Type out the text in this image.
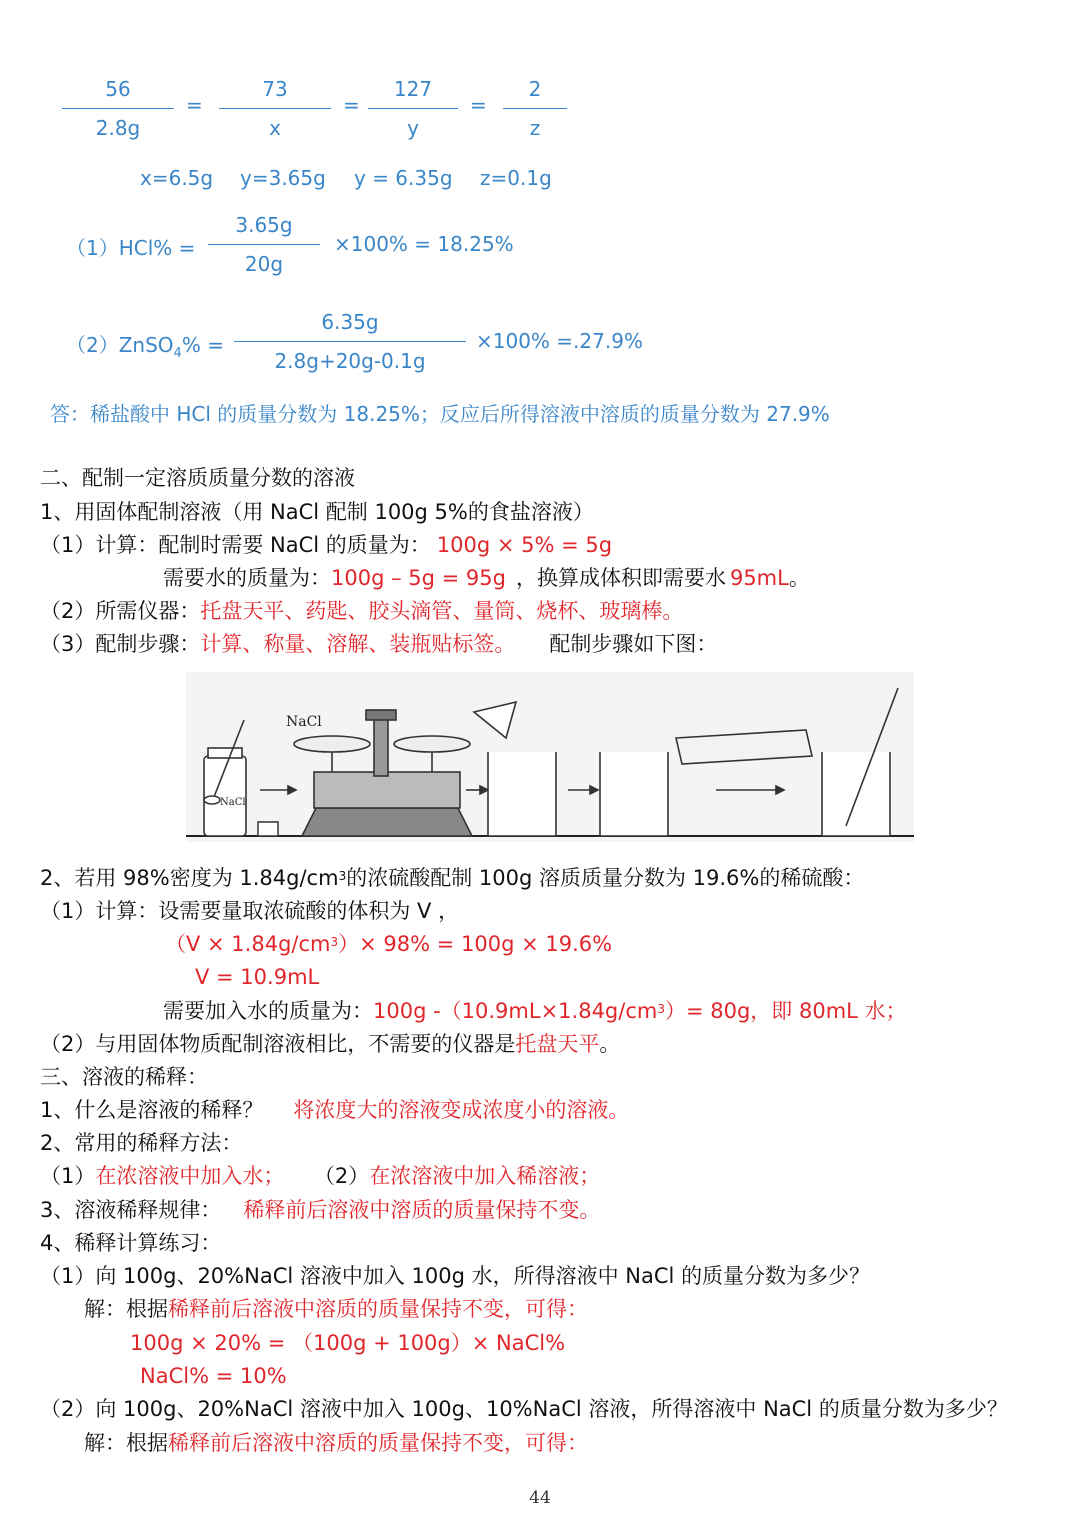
56
2.8g
=
73
x
=
127
y
=
2
z
x=6.5g y=3.65g y = 6.35g z=0.1g
（1）HCl% =
3.65g
20g
×100% = 18.25%
（2）ZnSO$_4$% =
6.35g
2.8g+20g-0.1g
×100% =.27.9%
答：稀盐酸中 HCl 的质量分数为 18.25%；反应后所得溶液中溶质的质量分数为 27.9%
二、配制一定溶质质量分数的溶液
1、用固体配制溶液（用 NaCl 配制 100g 5%的食盐溶液）
（1）计算：配制时需要 NaCl 的质量为： 100g × 5% = 5g
需要水的质量为：100g – 5g = 95g ，换算成体积即需要水 95mL。
（2）所需仪器：托盘天平、药匙、胶头滴管、量筒、烧杯、玻璃棒。
（3）配制步骤：计算、称量、溶解、装瓶贴标签。 配制步骤如下图：
NaCl
NaCl
2、若用 98%密度为 $1.84g/cm^3$的浓硫酸配制 100g 溶质质量分数为 19.6%的稀硫酸：
（1）计算：设需要量取浓硫酸的体积为 V ，
$(V \times 1.84g/cm^3)\times 98\% = 100g \times 19.6\%$
V = 10.9mL
需要加入水的质量为：100g $-(10.9mL\times 1.84g/cm^3)= 80g$，即 80mL 水；
（2）与用固体物质配制溶液相比，不需要的仪器是托盘天平。
三、溶液的稀释：
1、什么是溶液的稀释？ 将浓度大的溶液变成浓度小的溶液。
2、常用的稀释方法：
（1）在浓溶液中加入水； （2）在浓溶液中加入稀溶液；
3、溶液稀释规律： 稀释前后溶液中溶质的质量保持不变。
4、稀释计算练习：
（1）向 100g、20%NaCl 溶液中加入 100g 水，所得溶液中 NaCl 的质量分数为多少？
解：根据稀释前后溶液中溶质的质量保持不变，可得：
100g × 20% = （100g + 100g）× NaCl%
NaCl% = 10%
（2）向 100g、20%NaCl 溶液中加入 100g、10%NaCl 溶液，所得溶液中 NaCl 的质量分数为多少？
解：根据稀释前后溶液中溶质的质量保持不变，可得：
44
